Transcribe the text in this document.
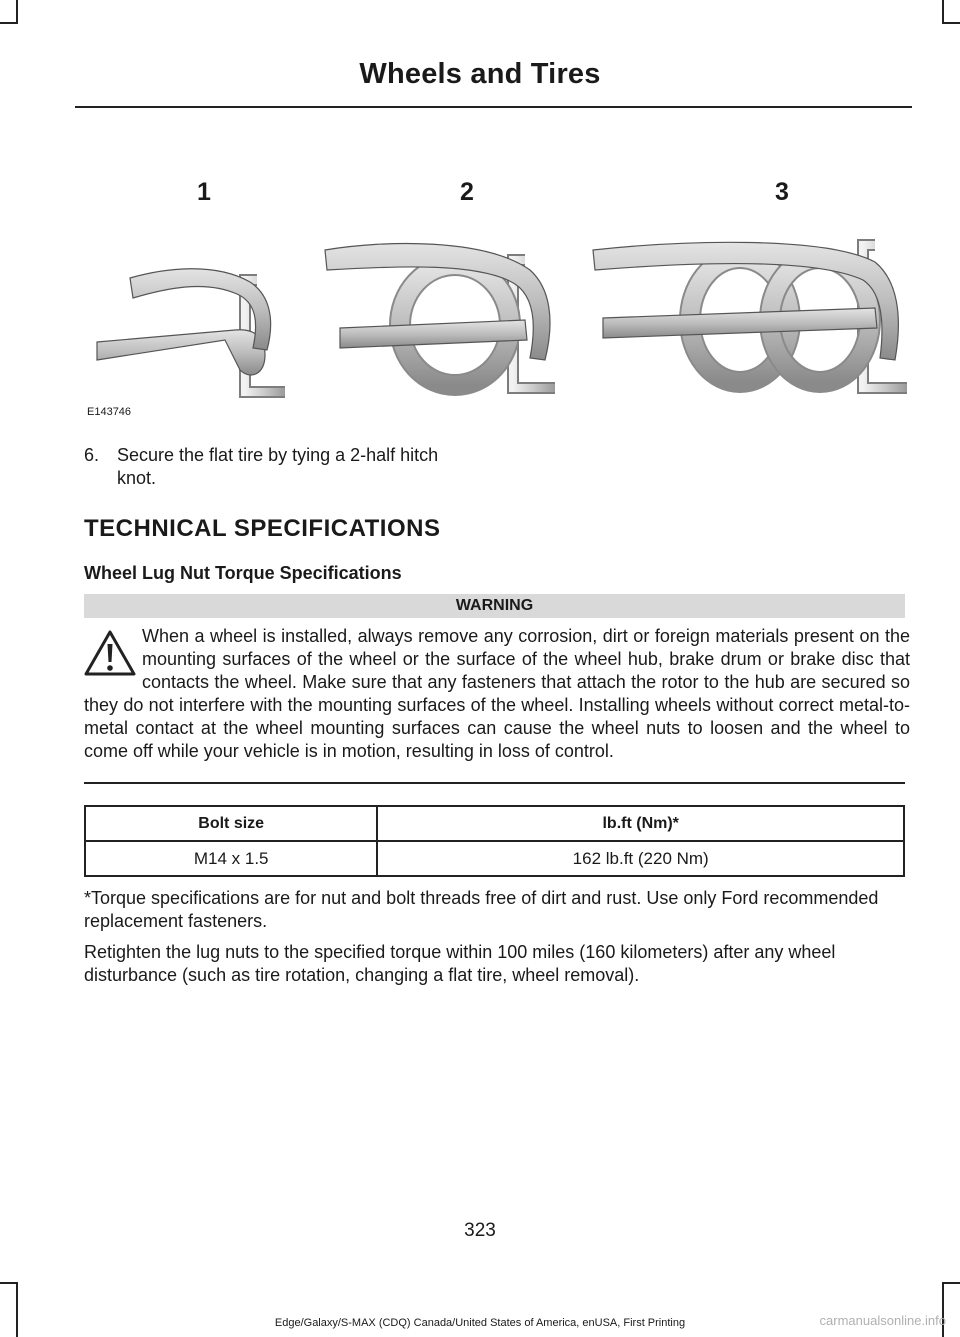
Wheels and Tires
1	2	3
E143746
6. Secure the flat tire by tying a 2-half hitch knot.
TECHNICAL SPECIFICATIONS
Wheel Lug Nut Torque Specifications
WARNING

When a wheel is installed, always remove any corrosion, dirt or foreign materials present on the mounting surfaces of the wheel or the surface of the wheel hub, brake drum or brake disc that contacts the wheel. Make sure that any fasteners that attach the rotor to the hub are secured so they do not interfere with the mounting surfaces of the wheel. Installing wheels without correct metal-to-metal contact at the wheel mounting surfaces can cause the wheel nuts to loosen and the wheel to come off while your vehicle is in motion, resulting in loss of control.

Bolt size	lb.ft (Nm)*
M14 x 1.5	162 lb.ft (220 Nm)

*Torque specifications are for nut and bolt threads free of dirt and rust. Use only Ford recommended replacement fasteners.

Retighten the lug nuts to the specified torque within 100 miles (160 kilometers) after any wheel disturbance (such as tire rotation, changing a flat tire, wheel removal).

323
Edge/Galaxy/S-MAX (CDQ) Canada/United States of America, enUSA, First Printing	carmanualsonline.info
